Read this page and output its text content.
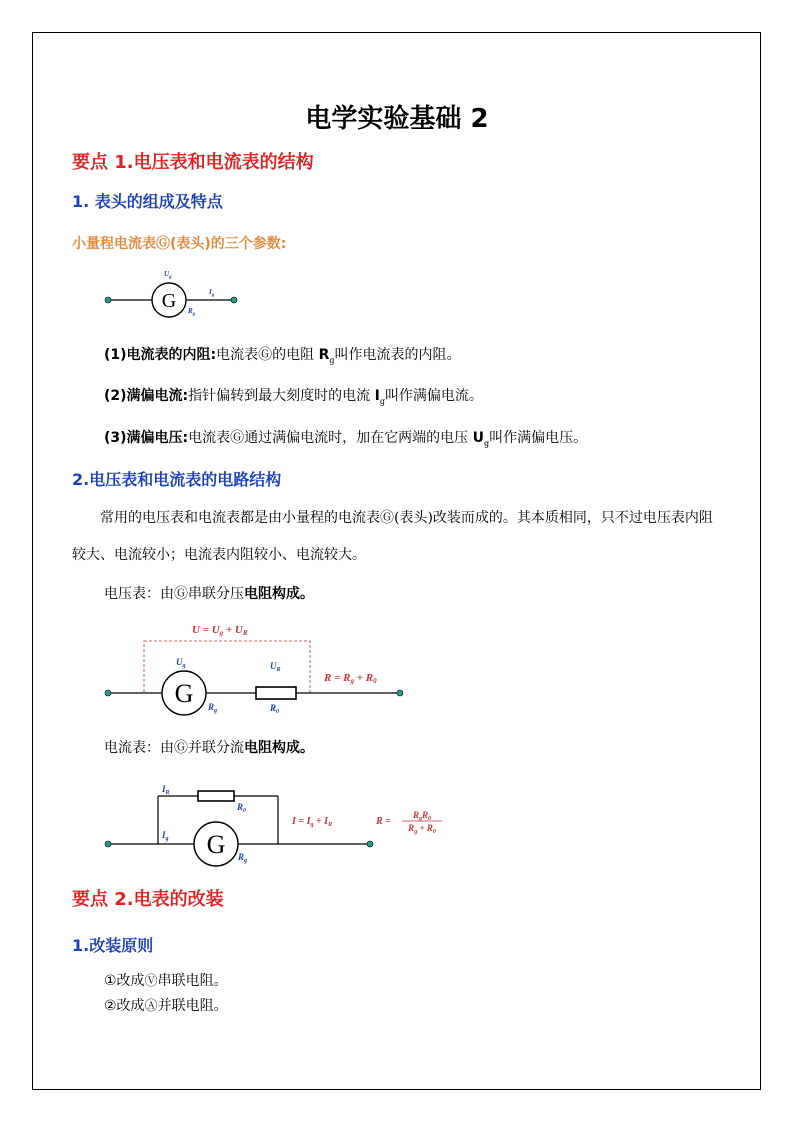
电学实验基础 2
要点 1.电压表和电流表的结构
1. 表头的组成及特点
小量程电流表Ⓖ(表头)的三个参数:
G
$U_g$
$I_g$
$R_g$
(1)电流表的内阻:电流表Ⓖ的电阻 $R_g$叫作电流表的内阻。
(2)满偏电流:指针偏转到最大刻度时的电流 $I_g$叫作满偏电流。
(3)满偏电压:电流表Ⓖ通过满偏电流时，加在它两端的电压 $U_g$叫作满偏电压。
2.电压表和电流表的电路结构
常用的电压表和电流表都是由小量程的电流表Ⓖ(表头)改装而成的。其本质相同，只不过电压表内阻较大、电流较小；电流表内阻较小、电流较大。
电压表：由Ⓖ串联分压电阻构成。
U = Ug + UR
G
$U_g$	$U_R$
$R_g$	$R_0$
R = Rg + R0
电流表：由Ⓖ并联分流电阻构成。
G
$I_R$
$R_0$
$I_g$
$R_g$
$I = I_g + I_R$	R =
$R_gR_0$
$R_g + R_0$
要点 2.电表的改装
1.改装原则
①改成Ⓥ串联电阻。
②改成Ⓐ并联电阻。
